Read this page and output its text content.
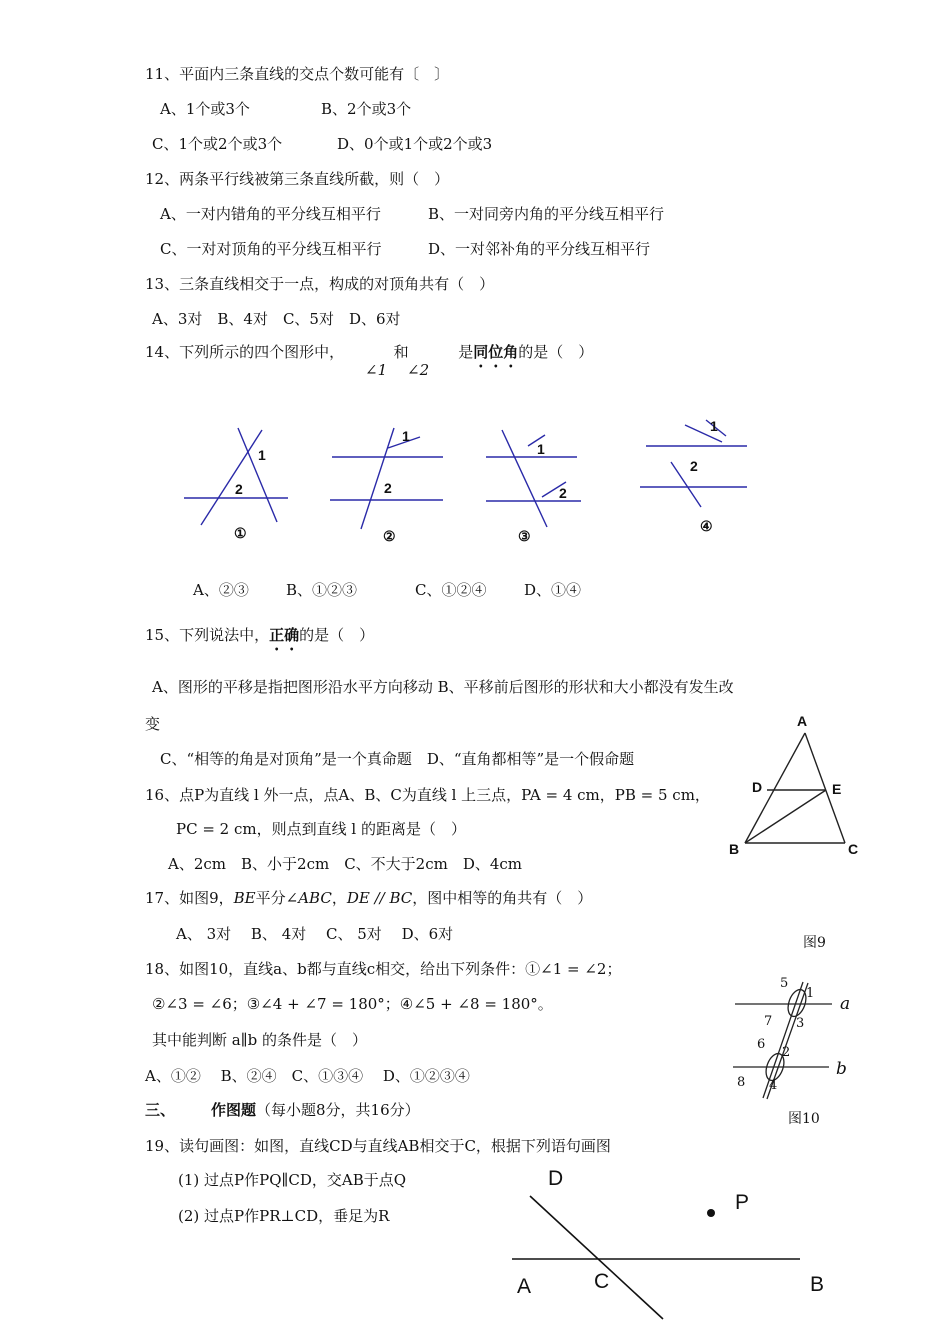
11、平面内三条直线的交点个数可能有〔　〕
A、1个或3个	B、2个或3个
C、1个或2个或3个	D、0个或1个或2个或3
12、两条平行线被第三条直线所截，则（　）
A、一对内错角的平分线互相平行	B、一对同旁内角的平分线互相平行
C、一对对顶角的平分线互相平行	D、一对邻补角的平分线互相平行
13、三条直线相交于一点，构成的对顶角共有（　）
A、3对　B、4对　C、5对　D、6对
14、下列所示的四个图形中，	和	是同位角的是（　）
∠1 ∠2
1
2
1
2
1
2
1
2
①	②	③
④
A、②③ B、①②③	C、①②④	D、①④
15、下列说法中，正确的是（　）
A、图形的平移是指把图形沿水平方向移动 B、平移前后图形的形状和大小都没有发生改
变
C、“相等的角是对顶角”是一个真命题　D、“直角都相等”是一个假命题
A
D	E
B	C
图9
16、点P为直线 l 外一点，点A、B、C为直线 l 上三点，PA = 4 cm，PB = 5 cm，
PC = 2 cm，则点到直线 l 的距离是（　）
A、2cm　B、小于2cm　C、不大于2cm　D、4cm
17、如图9，BE平分∠ABC，DE // BC，图中相等的角共有（　）
A、 3对　 B、 4对　 C、 5对　 D、6对
18、如图10，直线a、b都与直线c相交，给出下列条件：①∠1 = ∠2；
②∠3 = ∠6；③∠4 + ∠7 = 180°；④∠5 + ∠8 = 180°。
其中能判断 a∥b 的条件是（　）
A、①②　 B、②④　C、①③④　 D、①②③④
a
b
1
2
3
4
5
6
7
8
图10
三、 作图题（每小题8分，共16分）
19、读句画图：如图，直线CD与直线AB相交于C，根据下列语句画图
(1) 过点P作PQ∥CD，交AB于点Q
(2) 过点P作PR⊥CD，垂足为R
D
P
A	C	B
